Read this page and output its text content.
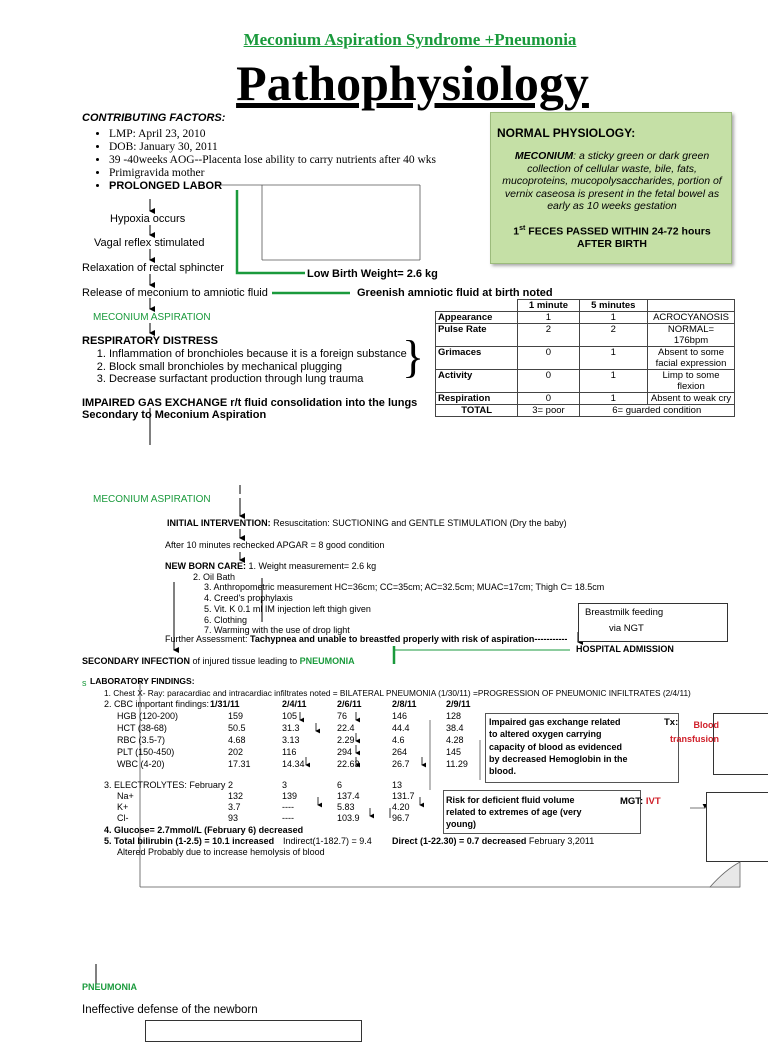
Meconium Aspiration Syndrome +Pneumonia
Pathophysiology
CONTRIBUTING FACTORS:
• LMP: April 23, 2010
• DOB: January 30, 2011
• 39 -40weeks AOG--Placenta lose ability to carry nutrients after 40 wks
• Primigravida mother
• PROLONGED LABOR
Hypoxia occurs
Vagal reflex stimulated
Relaxation of rectal sphincter	Low Birth Weight= 2.6 kg
Release of meconium to amniotic fluid	Greenish amniotic fluid at birth noted
MECONIUM ASPIRATION
RESPIRATORY DISTRESS
1. Inflammation of bronchioles because it is a foreign substance
2. Block small bronchioles by mechanical plugging
3. Decrease surfactant production through lung trauma }
IMPAIRED GAS EXCHANGE r/t fluid consolidation into the lungs
Secondary to Meconium Aspiration
NORMAL PHYSIOLOGY:
MECONIUM: a sticky green or dark green collection of cellular waste, bile, fats, mucoproteins, mucopolysaccharides, portion of vernix caseosa is present in the fetal bowel as early as 10 weeks gestation
1st FECES PASSED WITHIN 24-72 hours AFTER BIRTH
	1 minute	5 minutes	
Appearance	1	1	ACROCYANOSIS
Pulse Rate	2	2	NORMAL= 176bpm
Grimaces	0	1	Absent to some facial expression
Activity	0	1	Limp to some flexion
Respiration	0	1	Absent to weak cry
TOTAL	3= poor	6= guarded condition	
MECONIUM ASPIRATION
INITIAL INTERVENTION: Resuscitation: SUCTIONING and GENTLE STIMULATION (Dry the baby)
After 10 minutes rechecked APGAR = 8 good condition
NEW BORN CARE: 1. Weight measurement= 2.6 kg
2. Oil Bath
3. Anthropometric measurement HC=36cm; CC=35cm; AC=32.5cm; MUAC=17cm; Thigh C= 18.5cm
4. Creed's prophylaxis
5. Vit. K 0.1 ml IM injection left thigh given
6. Clothing
7. Warming with the use of drop light
Further Assessment: Tachypnea and unable to breastfed properly with risk of aspiration-----------
Breastmilk feeding
via NGT
HOSPITAL ADMISSION
SECONDARY INFECTION of injured tissue leading to PNEUMONIA
s LABORATORY FINDINGS:
1. Chest X- Ray: paracardiac and intracardiac infiltrates noted = BILATERAL PNEUMONIA (1/30/11) =PROGRESSION OF PNEUMONIC INFILTRATES (2/4/11)
2. CBC important findings: 1/31/11	2/4/11	2/6/11	2/8/11	2/9/11
HGB (120-200)	159	105	76	146	128
HCT (38-68)	50.5	31.3	22.4	44.4	38.4
RBC (3.5-7)	4.68	3.13	2.29	4.6	4.28
PLT (150-450)	202	116	294	264	145
WBC (4-20)	17.31	14.34	22.63	26.7	11.29
3. ELECTROLYTES: February 2	3	6	13
Na+	132	139	137.4	131.7
K+	3.7	----	5.83	4.20
Cl-	93	----	103.9	96.7
4. Glucose= 2.7mmol/L (February 6) decreased
5. Total bilirubin (1-2.5) = 10.1 increased Indirect(1-182.7) = 9.4 Direct (1-22.30) = 0.7 decreased February 3,2011
Altered Probably due to increase hemolysis of blood
Impaired gas exchange related to altered oxygen carrying capacity of blood as evidenced by decreased Hemoglobin in the blood.
Tx:	Blood transfusion
Risk for deficient fluid volume related to extremes of age (very young)
MGT: IVT
PNEUMONIA
Ineffective defense of the newborn
